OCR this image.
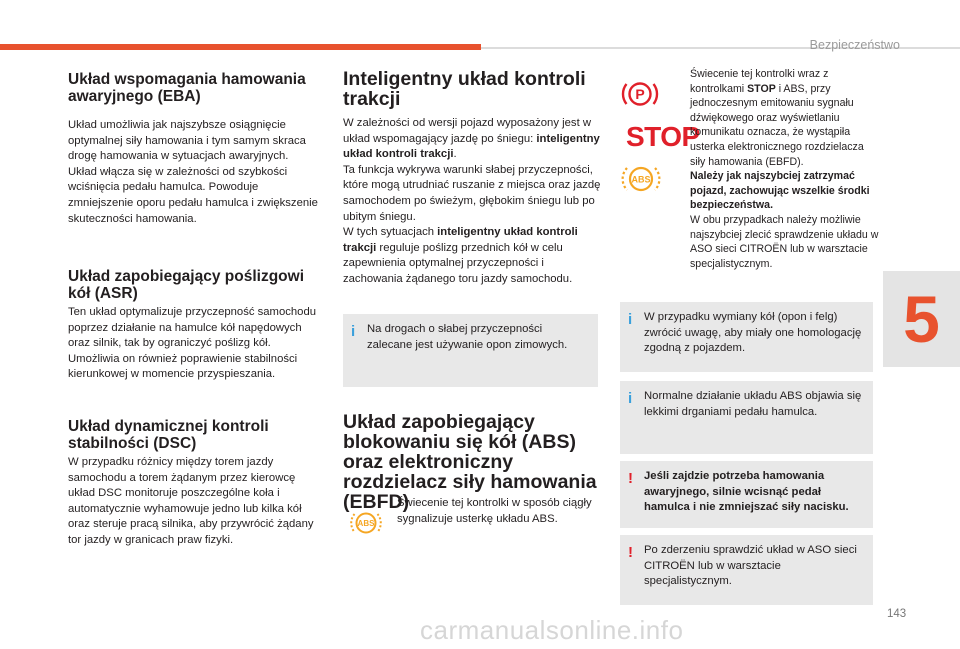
Bezpieczeństwo
5
Układ wspomagania hamowania awaryjnego (EBA)

Układ umożliwia jak najszybsze osiągnięcie optymalnej siły hamowania i tym samym skraca drogę hamowania w sytuacjach awaryjnych. Układ włącza się w zależności od szybkości wciśnięcia pedału hamulca. Powoduje zmniejszenie oporu pedału hamulca i zwiększenie skuteczności hamowania.

Układ zapobiegający poślizgowi kół (ASR)

Ten układ optymalizuje przyczepność samochodu poprzez działanie na hamulce kół napędowych oraz silnik, tak by ograniczyć poślizg kół. Umożliwia on również poprawienie stabilności kierunkowej w momencie przyspieszania.

Układ dynamicznej kontroli stabilności (DSC)

W przypadku różnicy między torem jazdy samochodu a torem żądanym przez kierowcę układ DSC monitoruje poszczególne koła i automatycznie wyhamowuje jedno lub kilka kół oraz steruje pracą silnika, aby przywrócić żądany tor jazdy w granicach praw fizyki.

Inteligentny układ kontroli trakcji

W zależności od wersji pojazd wyposażony jest w układ wspomagający jazdę po śniegu: inteligentny układ kontroli trakcji.
Ta funkcja wykrywa warunki słabej przyczepności, które mogą utrudniać ruszanie z miejsca oraz jazdę samochodem po świeżym, głębokim śniegu lub po ubitym śniegu.
W tych sytuacjach inteligentny układ kontroli trakcji reguluje poślizg przednich kół w celu zapewnienia optymalnej przyczepności i zachowania żądanego toru jazdy samochodu.

i Na drogach o słabej przyczepności zalecane jest używanie opon zimowych.

Układ zapobiegający blokowaniu się kół (ABS) oraz elektroniczny rozdzielacz siły hamowania (EBFD)
ABS

Świecenie tej kontrolki w sposób ciągły sygnalizuje usterkę układu ABS.

P
STOP
ABS

Świecenie tej kontrolki wraz z kontrolkami STOP i ABS, przy jednoczesnym emitowaniu sygnału dźwiękowego oraz wyświetlaniu komunikatu oznacza, że wystąpiła usterka elektronicznego rozdzielacza siły hamowania (EBFD).
Należy jak najszybciej zatrzymać pojazd, zachowując wszelkie środki bezpieczeństwa.
W obu przypadkach należy możliwie najszybciej zlecić sprawdzenie układu w ASO sieci CITROËN lub w warsztacie specjalistycznym.

i W przypadku wymiany kół (opon i felg) zwrócić uwagę, aby miały one homologację zgodną z pojazdem.

i Normalne działanie układu ABS objawia się lekkimi drganiami pedału hamulca.

! Jeśli zajdzie potrzeba hamowania awaryjnego, silnie wcisnąć pedał hamulca i nie zmniejszać siły nacisku.

! Po zderzeniu sprawdzić układ w ASO sieci CITROËN lub w warsztacie specjalistycznym.

143
carmanualsonline.info
